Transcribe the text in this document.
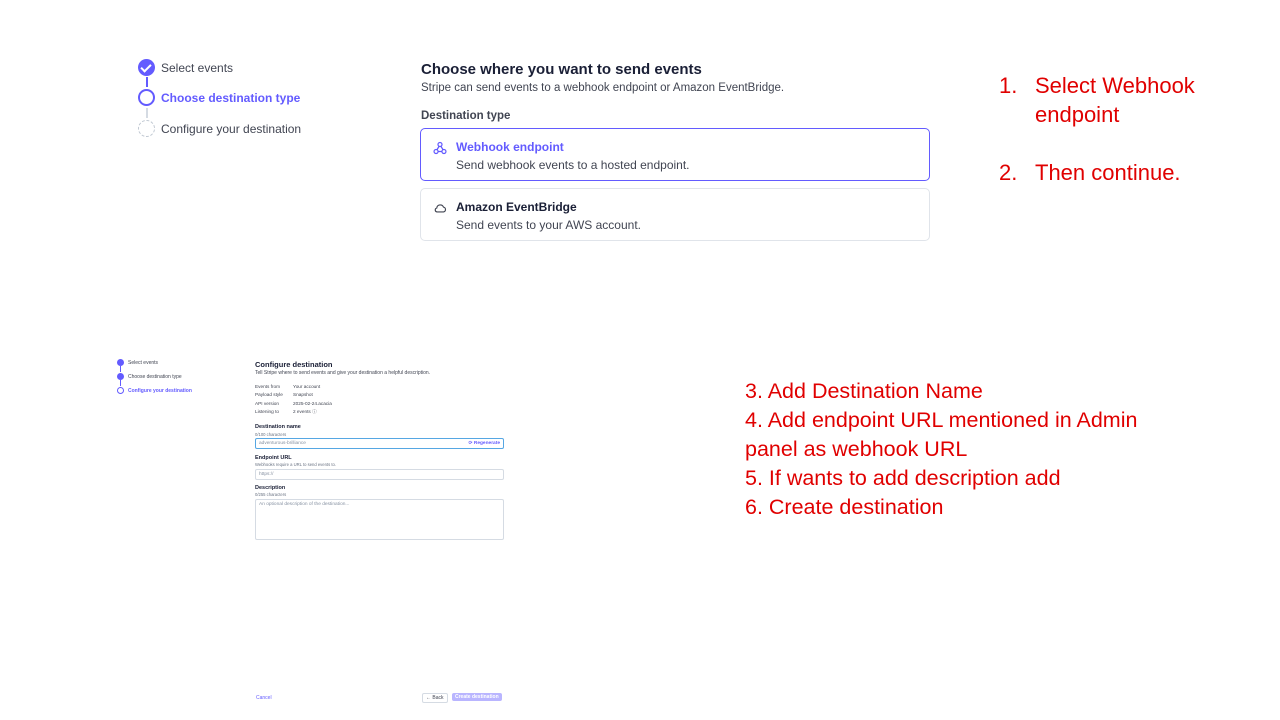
Select events
Choose destination type
Configure your destination
Choose where you want to send events
Stripe can send events to a webhook endpoint or Amazon EventBridge.
Destination type
Webhook endpoint
Send webhook events to a hosted endpoint.
Amazon EventBridge
Send events to your AWS account.
1. Select Webhook
endpoint
2. Then continue.
Select events
Choose destination type
Configure your destination
Configure destination
Tell Stripe where to send events and give your destination a helpful description.
Events from	Your account
Payload style Snapshot
API version	2025-02-24.acacia
Listening to	2 events ⓘ
Destination name
0/100 characters
adventurous-brilliance	⟳ Regenerate
Endpoint URL
Webhooks require a URL to send events to.
https://
Description
0/255 characters
An optional description of the destination...
Cancel	← Back	Create destination
3. Add Destination Name
4. Add endpoint URL mentioned in Admin
panel as webhook URL
5. If wants to add description add
6. Create destination
